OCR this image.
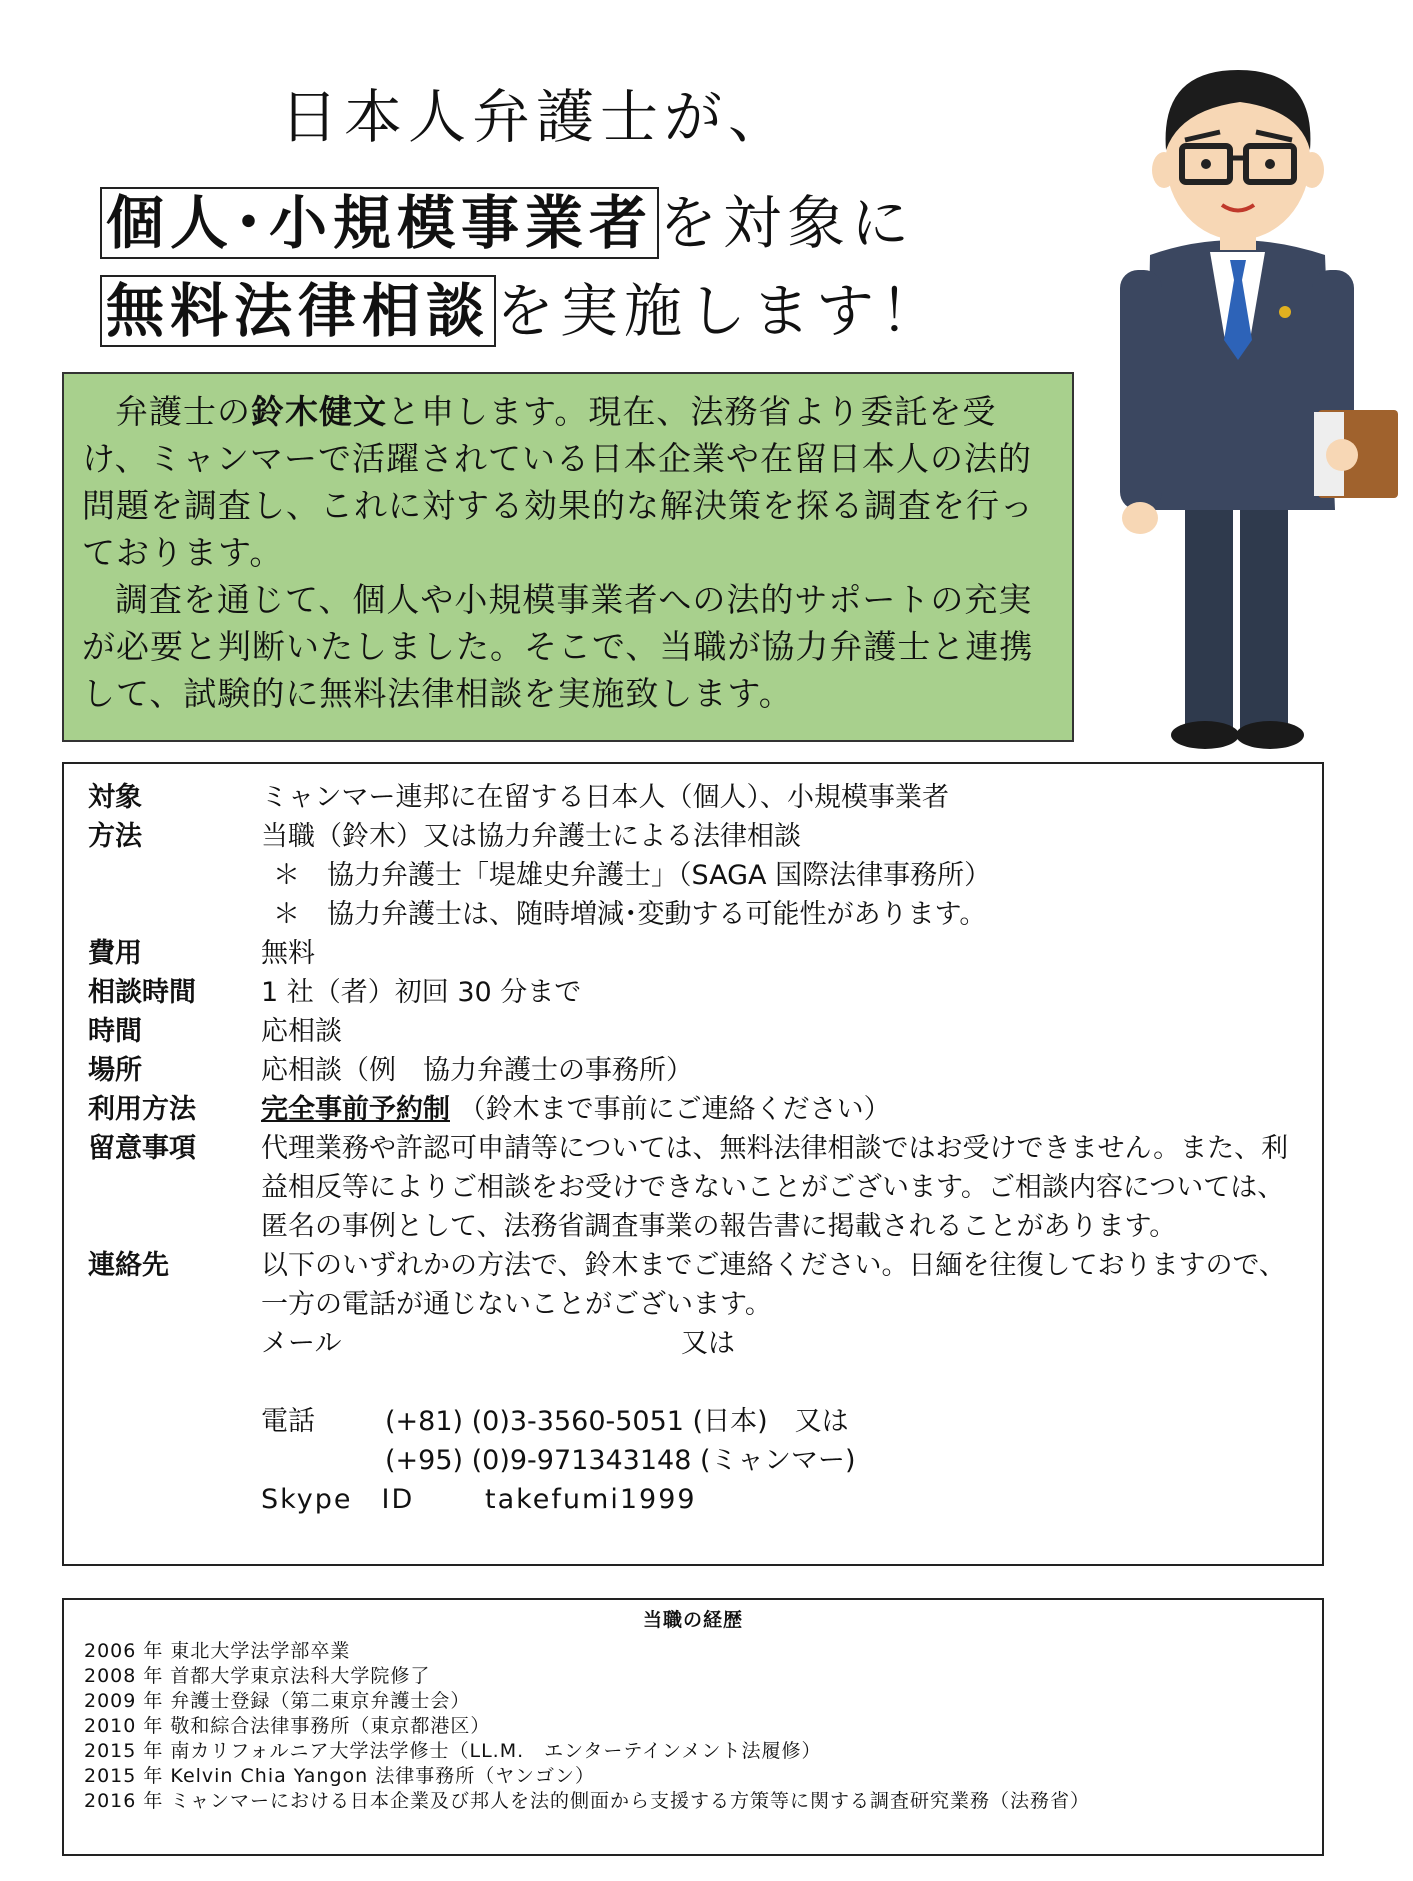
日本人弁護士が、
個人･小規模事業者 を対象に
無料法律相談 を実施します！

弁護士の鈴木健文と申します。現在、法務省より委託を受け、ミャンマーで活躍されている日本企業や在留日本人の法的問題を調査し、これに対する効果的な解決策を探る調査を行っております。

調査を通じて、個人や小規模事業者への法的サポートの充実が必要と判断いたしました。そこで、当職が協力弁護士と連携して、試験的に無料法律相談を実施致します。

対象	ミャンマー連邦に在留する日本人（個人）、小規模事業者
方法	当職（鈴木）又は協力弁護士による法律相談
＊　協力弁護士「堤雄史弁護士」（SAGA 国際法律事務所）
＊　協力弁護士は、随時増減･変動する可能性があります。
費用	無料
相談時間	1 社（者）初回 30 分まで
時間	応相談
場所	応相談（例　協力弁護士の事務所）
利用方法	完全事前予約制 （鈴木まで事前にご連絡ください）
留意事項	代理業務や許認可申請等については、無料法律相談ではお受けできません。また、利益相反等によりご相談をお受けできないことがございます。ご相談内容については、匿名の事例として、法務省調査事業の報告書に掲載されることがあります。
連絡先	以下のいずれかの方法で、鈴木までご連絡ください。日緬を往復しておりますので、一方の電話が通じないことがございます。
メール	又は
電話	(+81) (0)3-3560-5051 (日本)　又は
(+95) (0)9-971343148 (ミャンマー)
Skype　ID	takefumi1999
当職の経歴
2006 年 東北大学法学部卒業
2008 年 首都大学東京法科大学院修了
2009 年 弁護士登録（第二東京弁護士会）
2010 年 敬和綜合法律事務所（東京都港区）
2015 年 南カリフォルニア大学法学修士（LL.M.　エンターテインメント法履修）
2015 年 Kelvin Chia Yangon 法律事務所（ヤンゴン）
2016 年 ミャンマーにおける日本企業及び邦人を法的側面から支援する方策等に関する調査研究業務（法務省）
